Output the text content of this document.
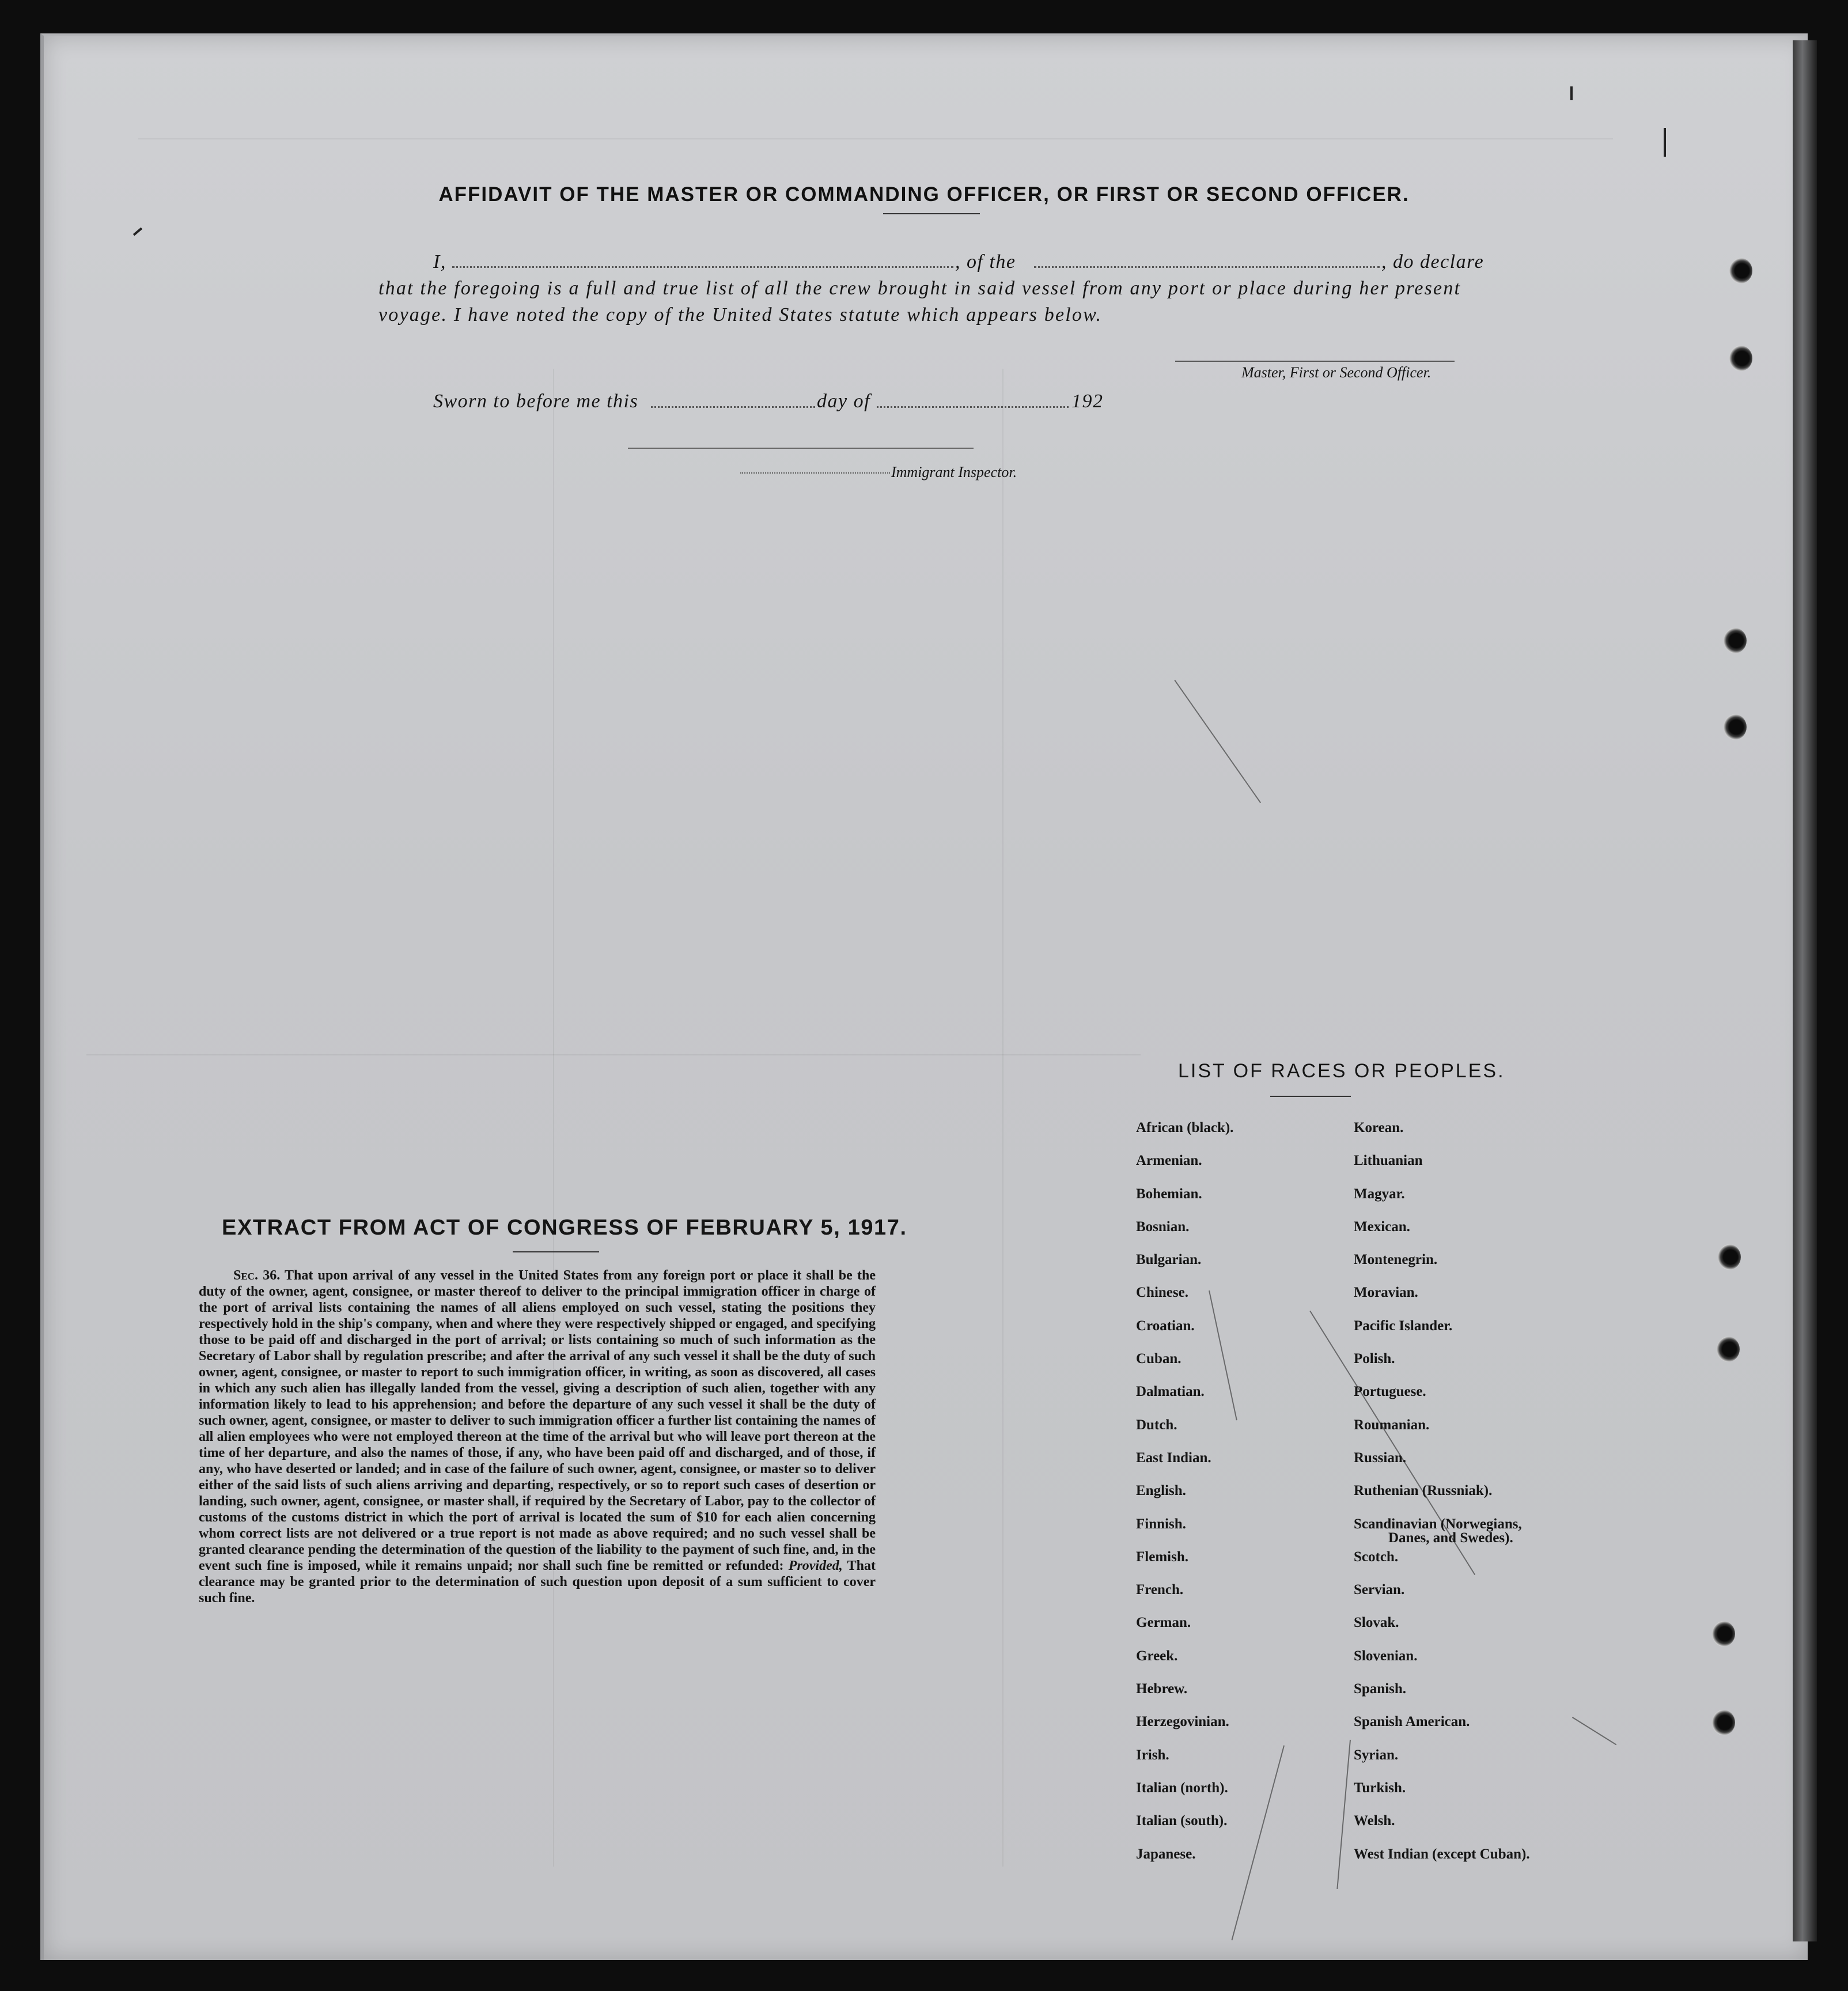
AFFIDAVIT OF THE MASTER OR COMMANDING OFFICER, OR FIRST OR SECOND OFFICER.
I,	, of the	, do declare
that the foregoing is a full and true list of all the crew brought in said vessel from any port or place during her present
voyage. I have noted the copy of the United States statute which appears below.
Master, First or Second Officer.
Sworn to before me this	day of	192
Immigrant Inspector.
EXTRACT FROM ACT OF CONGRESS OF FEBRUARY 5, 1917.
Sec. 36. That upon arrival of any vessel in the United States from any foreign port or place it shall be the duty of the owner, agent, consignee, or master thereof to deliver to the principal immigration officer in charge of the port of arrival lists containing the names of all aliens employed on such vessel, stating the positions they respectively hold in the ship's company, when and where they were respectively shipped or engaged, and specifying those to be paid off and discharged in the port of arrival; or lists containing so much of such information as the Secretary of Labor shall by regulation prescribe; and after the arrival of any such vessel it shall be the duty of such owner, agent, consignee, or master to report to such immigration officer, in writing, as soon as discovered, all cases in which any such alien has illegally landed from the vessel, giving a description of such alien, together with any information likely to lead to his apprehension; and before the departure of any such vessel it shall be the duty of such owner, agent, consignee, or master to deliver to such immigration officer a further list containing the names of all alien employees who were not employed thereon at the time of the arrival but who will leave port thereon at the time of her departure, and also the names of those, if any, who have been paid off and discharged, and of those, if any, who have deserted or landed; and in case of the failure of such owner, agent, consignee, or master so to deliver either of the said lists of such aliens arriving and departing, respectively, or so to report such cases of desertion or landing, such owner, agent, consignee, or master shall, if required by the Secretary of Labor, pay to the collector of customs of the customs district in which the port of arrival is located the sum of $10 for each alien concerning whom correct lists are not delivered or a true report is not made as above required; and no such vessel shall be granted clearance pending the determination of the question of the liability to the payment of such fine, and, in the event such fine is imposed, while it remains unpaid; nor shall such fine be remitted or refunded: Provided, That clearance may be granted prior to the determination of such question upon deposit of a sum sufficient to cover such fine.
LIST OF RACES OR PEOPLES.
African (black).
Armenian.
Bohemian.
Bosnian.
Bulgarian.
Chinese.
Croatian.
Cuban.
Dalmatian.
Dutch.
East Indian.
English.
Finnish.
Flemish.
French.
German.
Greek.
Hebrew.
Herzegovinian.
Irish.
Italian (north).
Italian (south).
Japanese.
Korean.
Lithuanian
Magyar.
Mexican.
Montenegrin.
Moravian.
Pacific Islander.
Polish.
Portuguese.
Roumanian.
Russian.
Ruthenian (Russniak).
Scandinavian (Norwegians,
Danes, and Swedes).
Scotch.
Servian.
Slovak.
Slovenian.
Spanish.
Spanish American.
Syrian.
Turkish.
Welsh.
West Indian (except Cuban).
